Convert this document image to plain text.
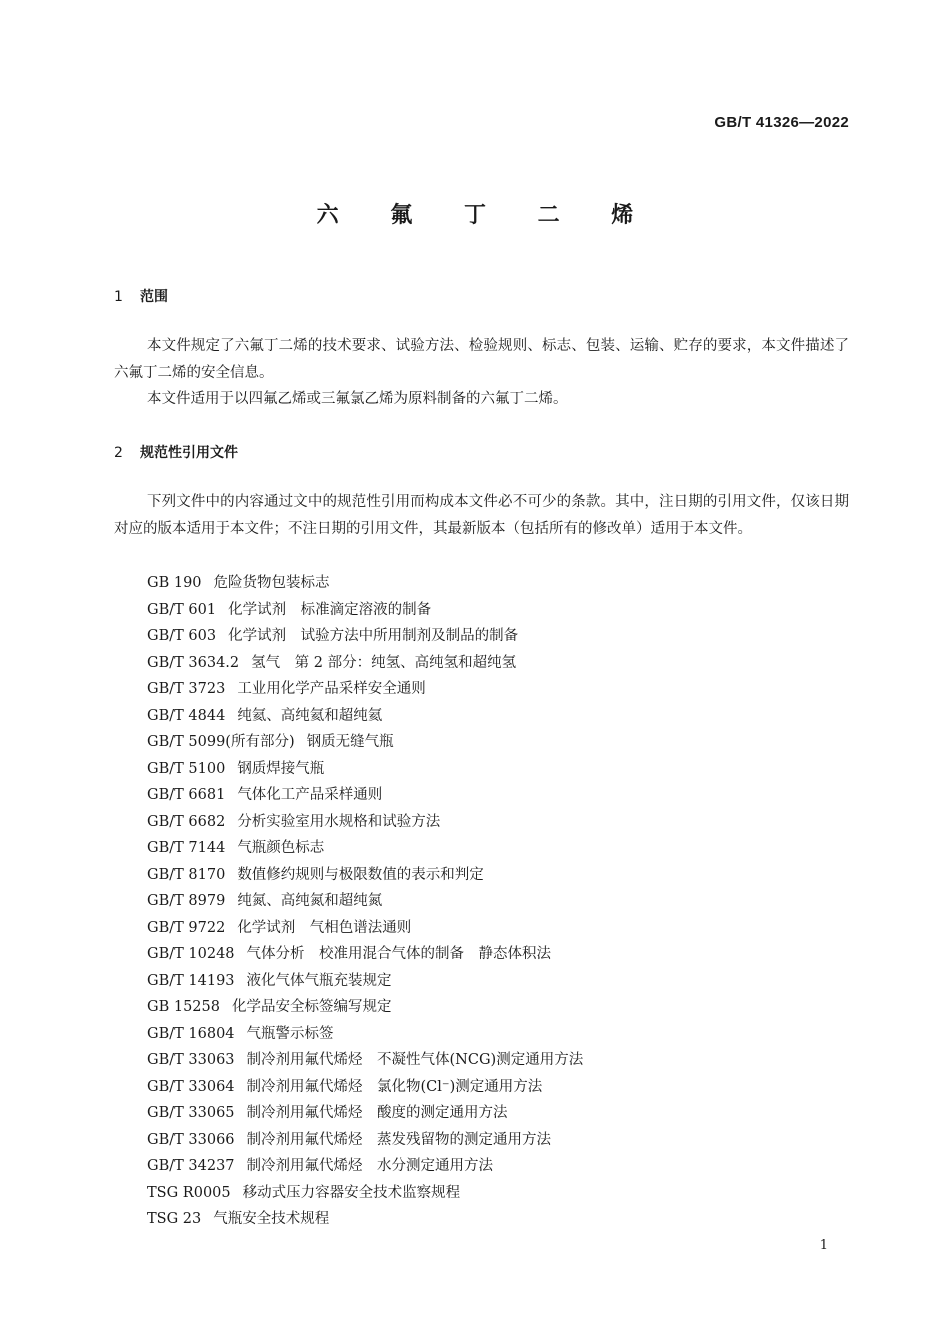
GB/T 41326—2022
六 氟 丁 二 烯
1 范围

本文件规定了六氟丁二烯的技术要求、试验方法、检验规则、标志、包装、运输、贮存的要求，本文件描述了六氟丁二烯的安全信息。

本文件适用于以四氟乙烯或三氟氯乙烯为原料制备的六氟丁二烯。

2 规范性引用文件

下列文件中的内容通过文中的规范性引用而构成本文件必不可少的条款。其中，注日期的引用文件，仅该日期对应的版本适用于本文件；不注日期的引用文件，其最新版本（包括所有的修改单）适用于本文件。

GB 190 危险货物包装标志
GB/T 601 化学试剂　标准滴定溶液的制备
GB/T 603 化学试剂　试验方法中所用制剂及制品的制备
GB/T 3634.2 氢气　第 2 部分：纯氢、高纯氢和超纯氢
GB/T 3723 工业用化学产品采样安全通则
GB/T 4844 纯氦、高纯氦和超纯氦
GB/T 5099(所有部分) 钢质无缝气瓶
GB/T 5100 钢质焊接气瓶
GB/T 6681 气体化工产品采样通则
GB/T 6682 分析实验室用水规格和试验方法
GB/T 7144 气瓶颜色标志
GB/T 8170 数值修约规则与极限数值的表示和判定
GB/T 8979 纯氮、高纯氮和超纯氮
GB/T 9722 化学试剂　气相色谱法通则
GB/T 10248 气体分析　校准用混合气体的制备　静态体积法
GB/T 14193 液化气体气瓶充装规定
GB 15258 化学品安全标签编写规定
GB/T 16804 气瓶警示标签
GB/T 33063 制冷剂用氟代烯烃　不凝性气体(NCG)测定通用方法
GB/T 33064 制冷剂用氟代烯烃　氯化物(Cl⁻)测定通用方法
GB/T 33065 制冷剂用氟代烯烃　酸度的测定通用方法
GB/T 33066 制冷剂用氟代烯烃　蒸发残留物的测定通用方法
GB/T 34237 制冷剂用氟代烯烃　水分测定通用方法
TSG R0005 移动式压力容器安全技术监察规程
TSG 23 气瓶安全技术规程
1
